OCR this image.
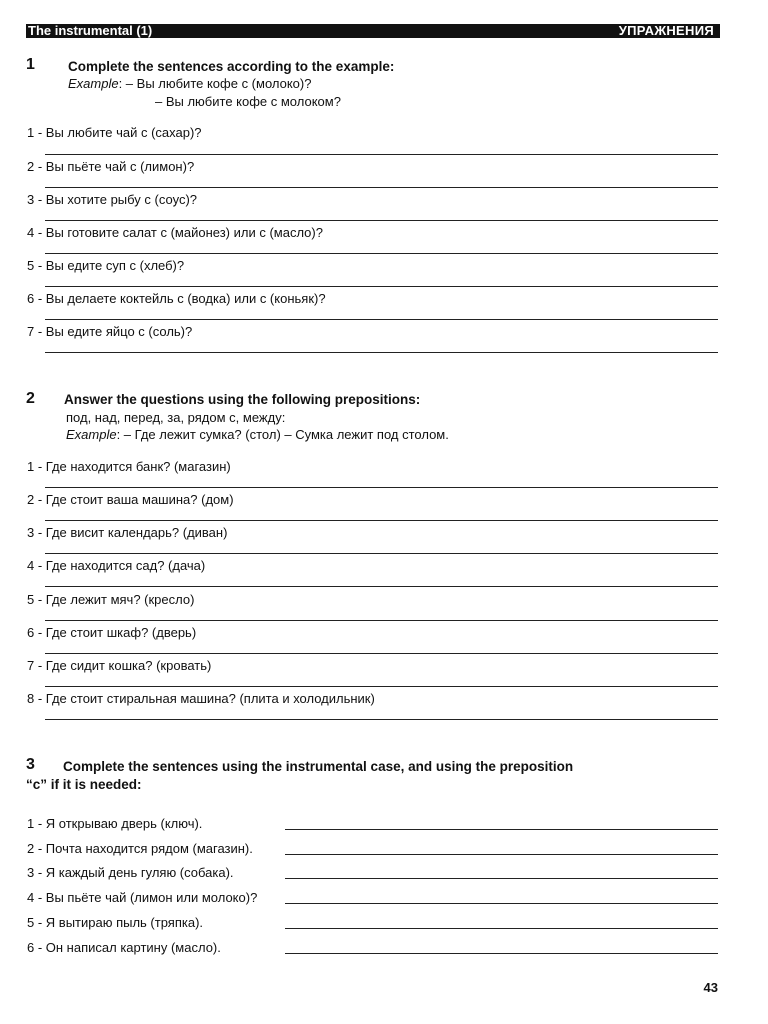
The instrumental (1)	УПРАЖНЕНИЯ
1 Complete the sentences according to the example:
Example: – Вы любите кофе с (молоко)?
– Вы любите кофе с молоком?
1 - Вы любите чай с (сахар)?
2 - Вы пьёте чай с (лимон)?
3 - Вы хотите рыбу с (соус)?
4 - Вы готовите салат с (майонез) или с (масло)?
5 - Вы едите суп с (хлеб)?
6 - Вы делаете коктейль с (водка) или с (коньяк)?
7 - Вы едите яйцо с (соль)?
2 Answer the questions using the following prepositions:
под, над, перед, за, рядом с, между:
Example: – Где лежит сумка? (стол) – Сумка лежит под столом.
1 - Где находится банк? (магазин)
2 - Где стоит ваша машина? (дом)
3 - Где висит календарь? (диван)
4 - Где находится сад? (дача)
5 - Где лежит мяч? (кресло)
6 - Где стоит шкаф? (дверь)
7 - Где сидит кошка? (кровать)
8 - Где стоит стиральная машина? (плита и холодильник)
3 Complete the sentences using the instrumental case, and using the preposition
“c” if it is needed:
1 - Я открываю дверь (ключ).
2 - Почта находится рядом (магазин).
3 - Я каждый день гуляю (собака).
4 - Вы пьёте чай (лимон или молоко)?
5 - Я вытираю пыль (тряпка).
6 - Он написал картину (масло).
43
